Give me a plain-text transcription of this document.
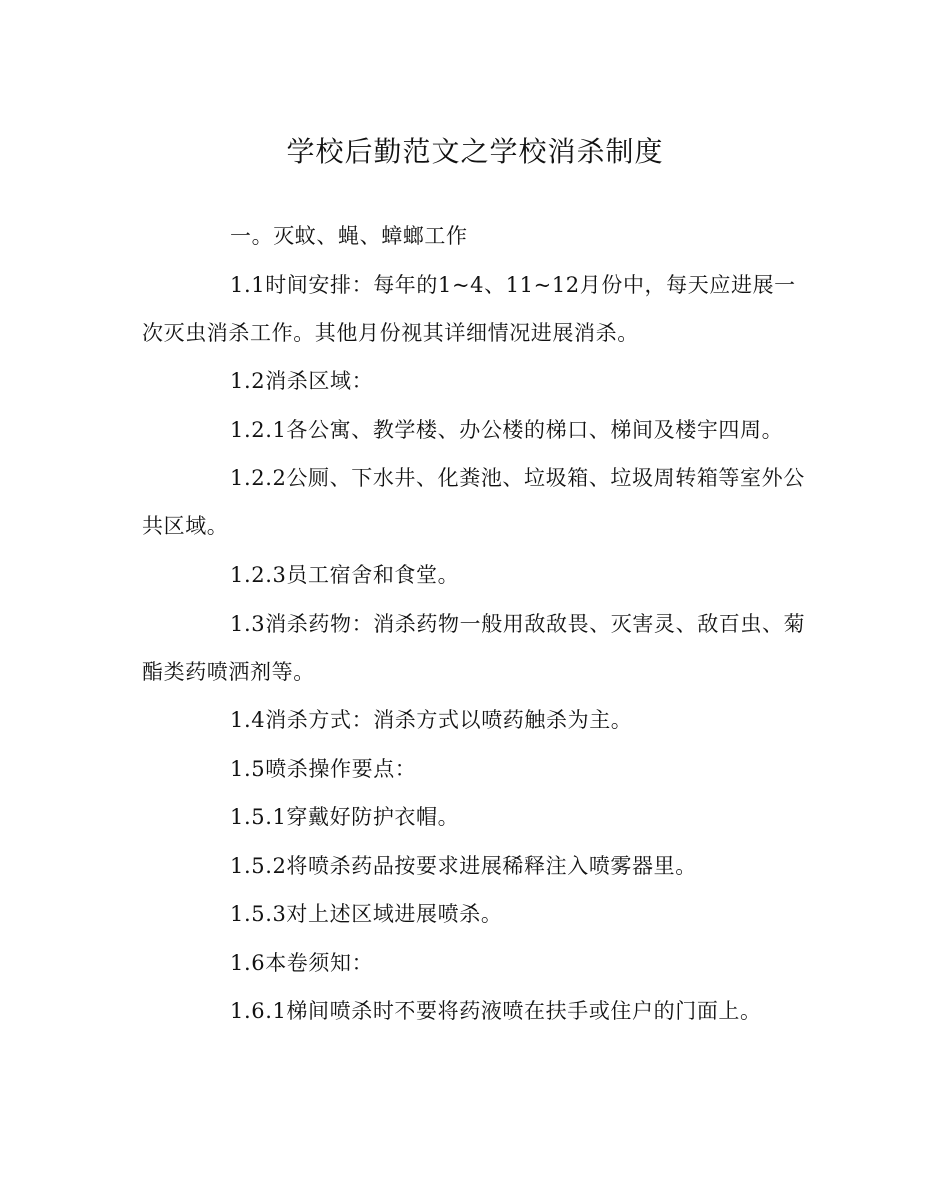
学校后勤范文之学校消杀制度

一。灭蚊、蝇、蟑螂工作

1.1时间安排：每年的1~4、11~12月份中，每天应进展一次灭虫消杀工作。其他月份视其详细情况进展消杀。

1.2消杀区域：

1.2.1各公寓、教学楼、办公楼的梯口、梯间及楼宇四周。

1.2.2公厕、下水井、化粪池、垃圾箱、垃圾周转箱等室外公共区域。

1.2.3员工宿舍和食堂。

1.3消杀药物：消杀药物一般用敌敌畏、灭害灵、敌百虫、菊酯类药喷洒剂等。

1.4消杀方式：消杀方式以喷药触杀为主。

1.5喷杀操作要点：

1.5.1穿戴好防护衣帽。

1.5.2将喷杀药品按要求进展稀释注入喷雾器里。

1.5.3对上述区域进展喷杀。

1.6本卷须知：

1.6.1梯间喷杀时不要将药液喷在扶手或住户的门面上。
